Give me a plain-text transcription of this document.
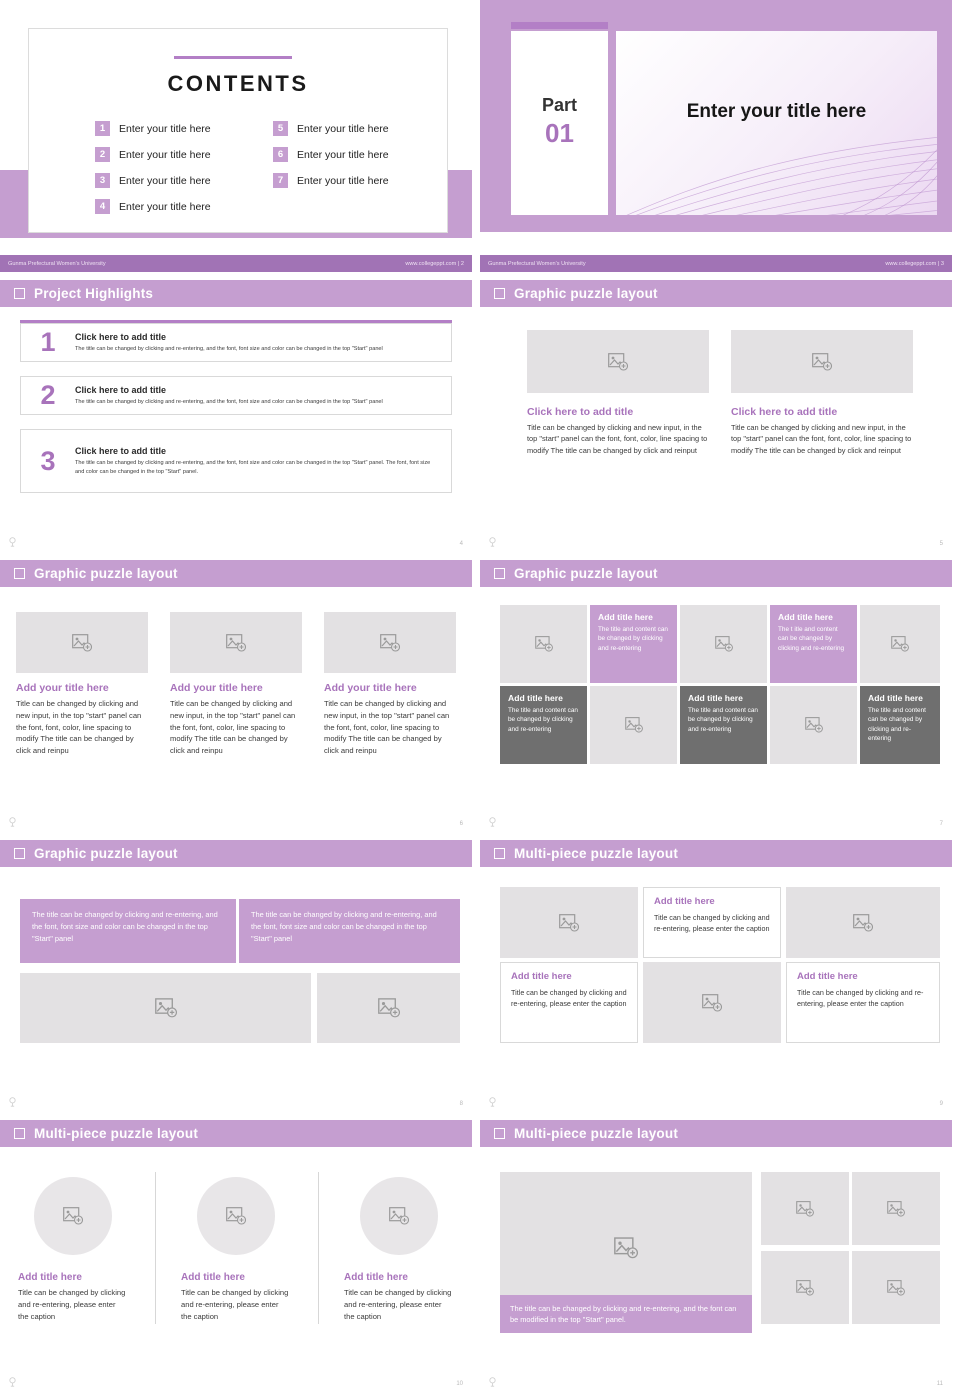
CONTENTS
1	Enter your title here
2	Enter your title here
3	Enter your title here
4	Enter your title here
5	Enter your title here
6	Enter your title here
7	Enter your title here
Gunma Prefectural Women's University	www.collegeppt.com | 2
Part
01
Enter your title here
Gunma Prefectural Women's University	www.collegeppt.com | 3
Project Highlights
1	Click here to add title
The title can be changed by clicking and re-entering, and the font, font size and color can be changed in the top "Start" panel
2	Click here to add title
The title can be changed by clicking and re-entering, and the font, font size and color can be changed in the top "Start" panel
3	Click here to add title
The title can be changed by clicking and re-entering, and the font, font size and color can be changed in the top "Start" panel. The font, font size and color can be changed in the top "Start" panel.
4
Graphic puzzle layout
Click here to add title
Title can be changed by clicking and new input, in the top "start" panel can the font, font, color, line spacing to modify The title can be changed by click and reinput
Click here to add title
Title can be changed by clicking and new input, in the top "start" panel can the font, font, color, line spacing to modify The title can be changed by click and reinput
5
Graphic puzzle layout
Add your title here
Title can be changed by clicking and new input, in the top "start" panel can the font, font, color, line spacing to modify The title can be changed by click and reinpu
Add your title here
Title can be changed by clicking and new input, in the top "start" panel can the font, font, color, line spacing to modify The title can be changed by click and reinpu
Add your title here
Title can be changed by clicking and new input, in the top "start" panel can the font, font, color, line spacing to modify The title can be changed by click and reinpu
6
Graphic puzzle layout
Add title here
The title and content can be changed by clicking and re-entering
Add title here
The t itle and content can be changed by clicking and re-entering
Add title here
The title and content can be changed by clicking and re-entering
Add title here
The title and content can be changed by clicking and re-entering
Add title here
The title and content can be changed by clicking and re-entering
7
Graphic puzzle layout
The title can be changed by clicking and re-entering, and the font, font size and color can be changed in the top "Start" panel
The title can be changed by clicking and re-entering, and the font, font size and color can be changed in the top "Start" panel
8
Multi-piece puzzle layout
Add title here
Title can be changed by clicking and re-entering, please enter the caption
Add title here
Title can be changed by clicking and re-entering, please enter the caption
Add title here
Title can be changed by clicking and re-entering, please enter the caption
9
Multi-piece puzzle layout
Add title here
Title can be changed by clicking and re-entering, please enter the caption
Add title here
Title can be changed by clicking and re-entering, please enter the caption
Add title here
Title can be changed by clicking and re-entering, please enter the caption
10
Multi-piece puzzle layout
The title can be changed by clicking and re-entering, and the font can be modified in the top "Start" panel.
11
